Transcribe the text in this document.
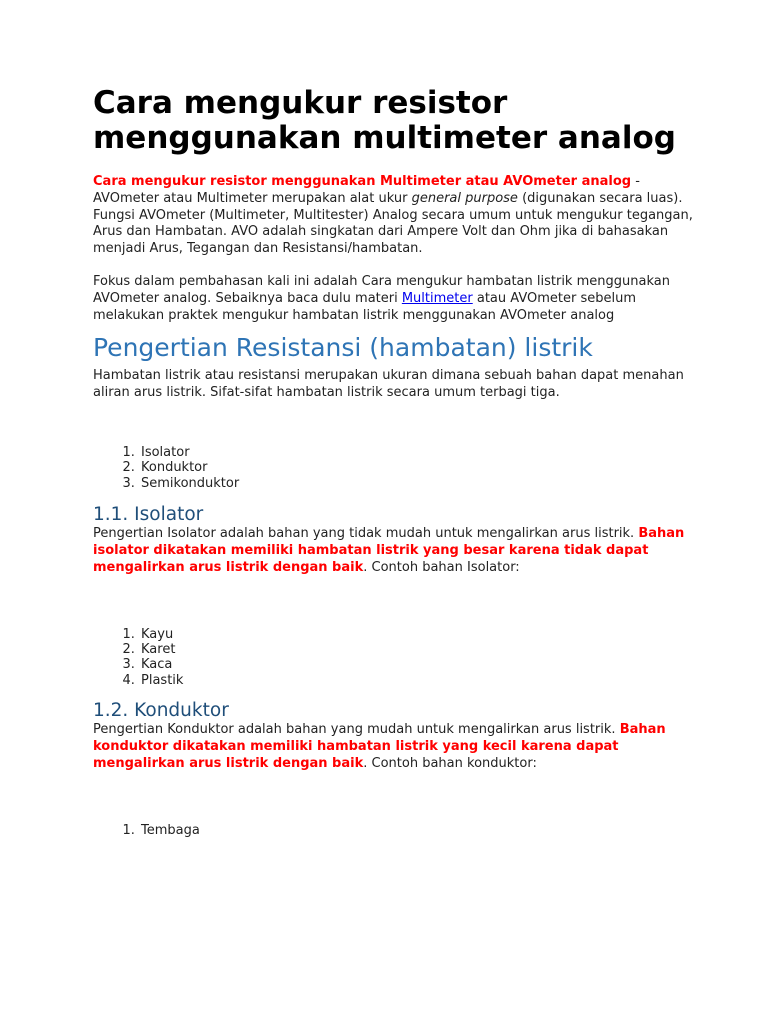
Cara mengukur resistor menggunakan multimeter analog

Cara mengukur resistor menggunakan Multimeter atau AVOmeter analog - AVOmeter atau Multimeter merupakan alat ukur general purpose (digunakan secara luas). Fungsi AVOmeter (Multimeter, Multitester) Analog secara umum untuk mengukur tegangan, Arus dan Hambatan. AVO adalah singkatan dari Ampere Volt dan Ohm jika di bahasakan menjadi Arus, Tegangan dan Resistansi/hambatan.

Fokus dalam pembahasan kali ini adalah Cara mengukur hambatan listrik menggunakan AVOmeter analog. Sebaiknya baca dulu materi Multimeter atau AVOmeter sebelum melakukan praktek mengukur hambatan listrik menggunakan AVOmeter analog

Pengertian Resistansi (hambatan) listrik

Hambatan listrik atau resistansi merupakan ukuran dimana sebuah bahan dapat menahan aliran arus listrik. Sifat-sifat hambatan listrik secara umum terbagi tiga.

1. Isolator
2. Konduktor
3. Semikonduktor
1.1. Isolator

Pengertian Isolator adalah bahan yang tidak mudah untuk mengalirkan arus listrik. Bahan isolator dikatakan memiliki hambatan listrik yang besar karena tidak dapat mengalirkan arus listrik dengan baik. Contoh bahan Isolator:

1. Kayu
2. Karet
3. Kaca
4. Plastik
1.2. Konduktor

Pengertian Konduktor adalah bahan yang mudah untuk mengalirkan arus listrik. Bahan konduktor dikatakan memiliki hambatan listrik yang kecil karena dapat mengalirkan arus listrik dengan baik. Contoh bahan konduktor:

1. Tembaga
